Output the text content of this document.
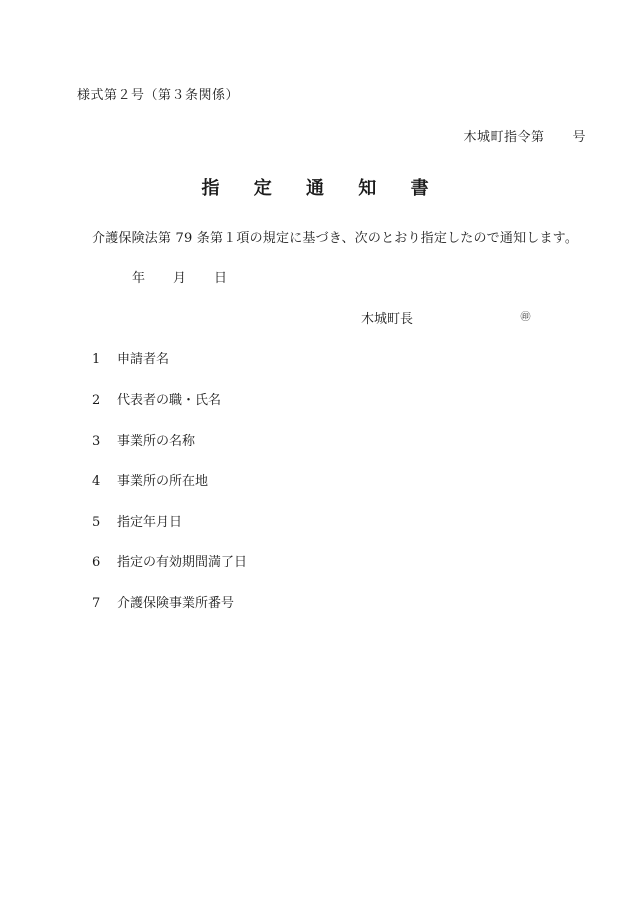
様式第２号（第３条関係）
木城町指令第 号
指 定 通 知 書
介護保険法第 79 条第１項の規定に基づき、次のとおり指定したので通知します。
年 月 日
木城町長	㊞
1 申請者名
2 代表者の職・氏名
3 事業所の名称
4 事業所の所在地
5 指定年月日
6 指定の有効期間満了日
7 介護保険事業所番号
